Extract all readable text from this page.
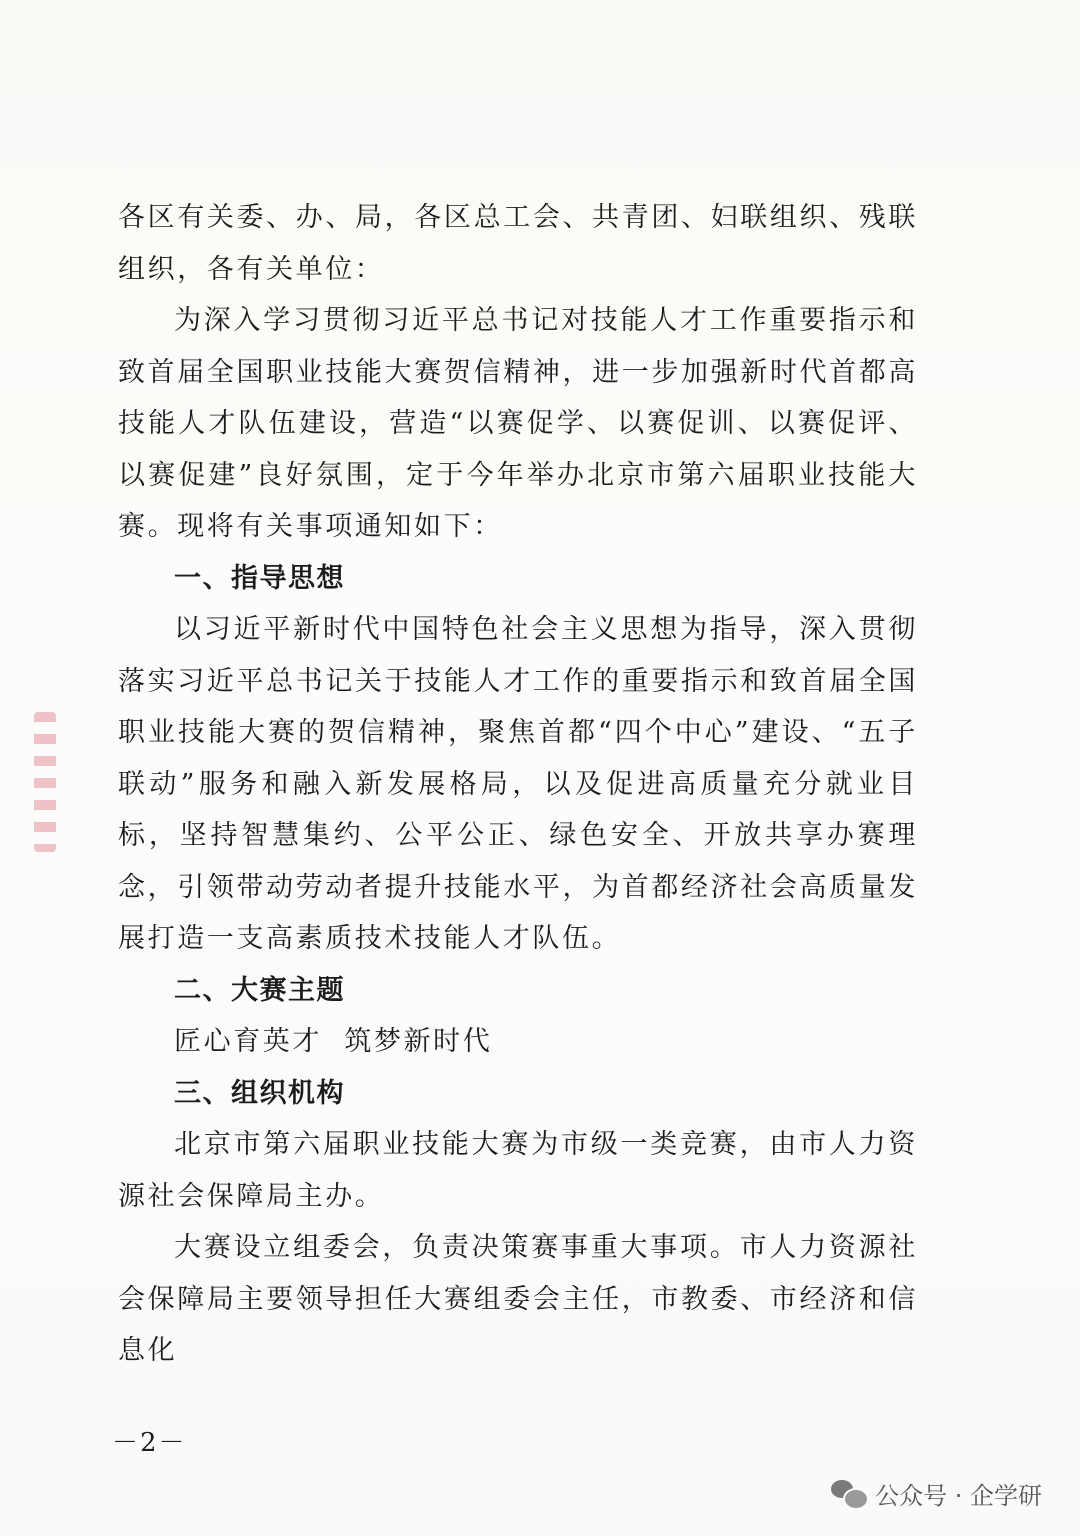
各区有关委、办、局，各区总工会、共青团、妇联组织、残联组织，各有关单位：

为深入学习贯彻习近平总书记对技能人才工作重要指示和致首届全国职业技能大赛贺信精神，进一步加强新时代首都高技能人才队伍建设，营造“以赛促学、以赛促训、以赛促评、以赛促建”良好氛围，定于今年举办北京市第六届职业技能大赛。现将有关事项通知如下：

一、指导思想

以习近平新时代中国特色社会主义思想为指导，深入贯彻落实习近平总书记关于技能人才工作的重要指示和致首届全国职业技能大赛的贺信精神，聚焦首都“四个中心”建设、“五子联动”服务和融入新发展格局，以及促进高质量充分就业目标，坚持智慧集约、公平公正、绿色安全、开放共享办赛理念，引领带动劳动者提升技能水平，为首都经济社会高质量发展打造一支高素质技术技能人才队伍。

二、大赛主题

匠心育英才  筑梦新时代

三、组织机构

北京市第六届职业技能大赛为市级一类竞赛，由市人力资源社会保障局主办。

大赛设立组委会，负责决策赛事重大事项。市人力资源社会保障局主要领导担任大赛组委会主任，市教委、市经济和信息化

－2－
公众号 · 企学研
